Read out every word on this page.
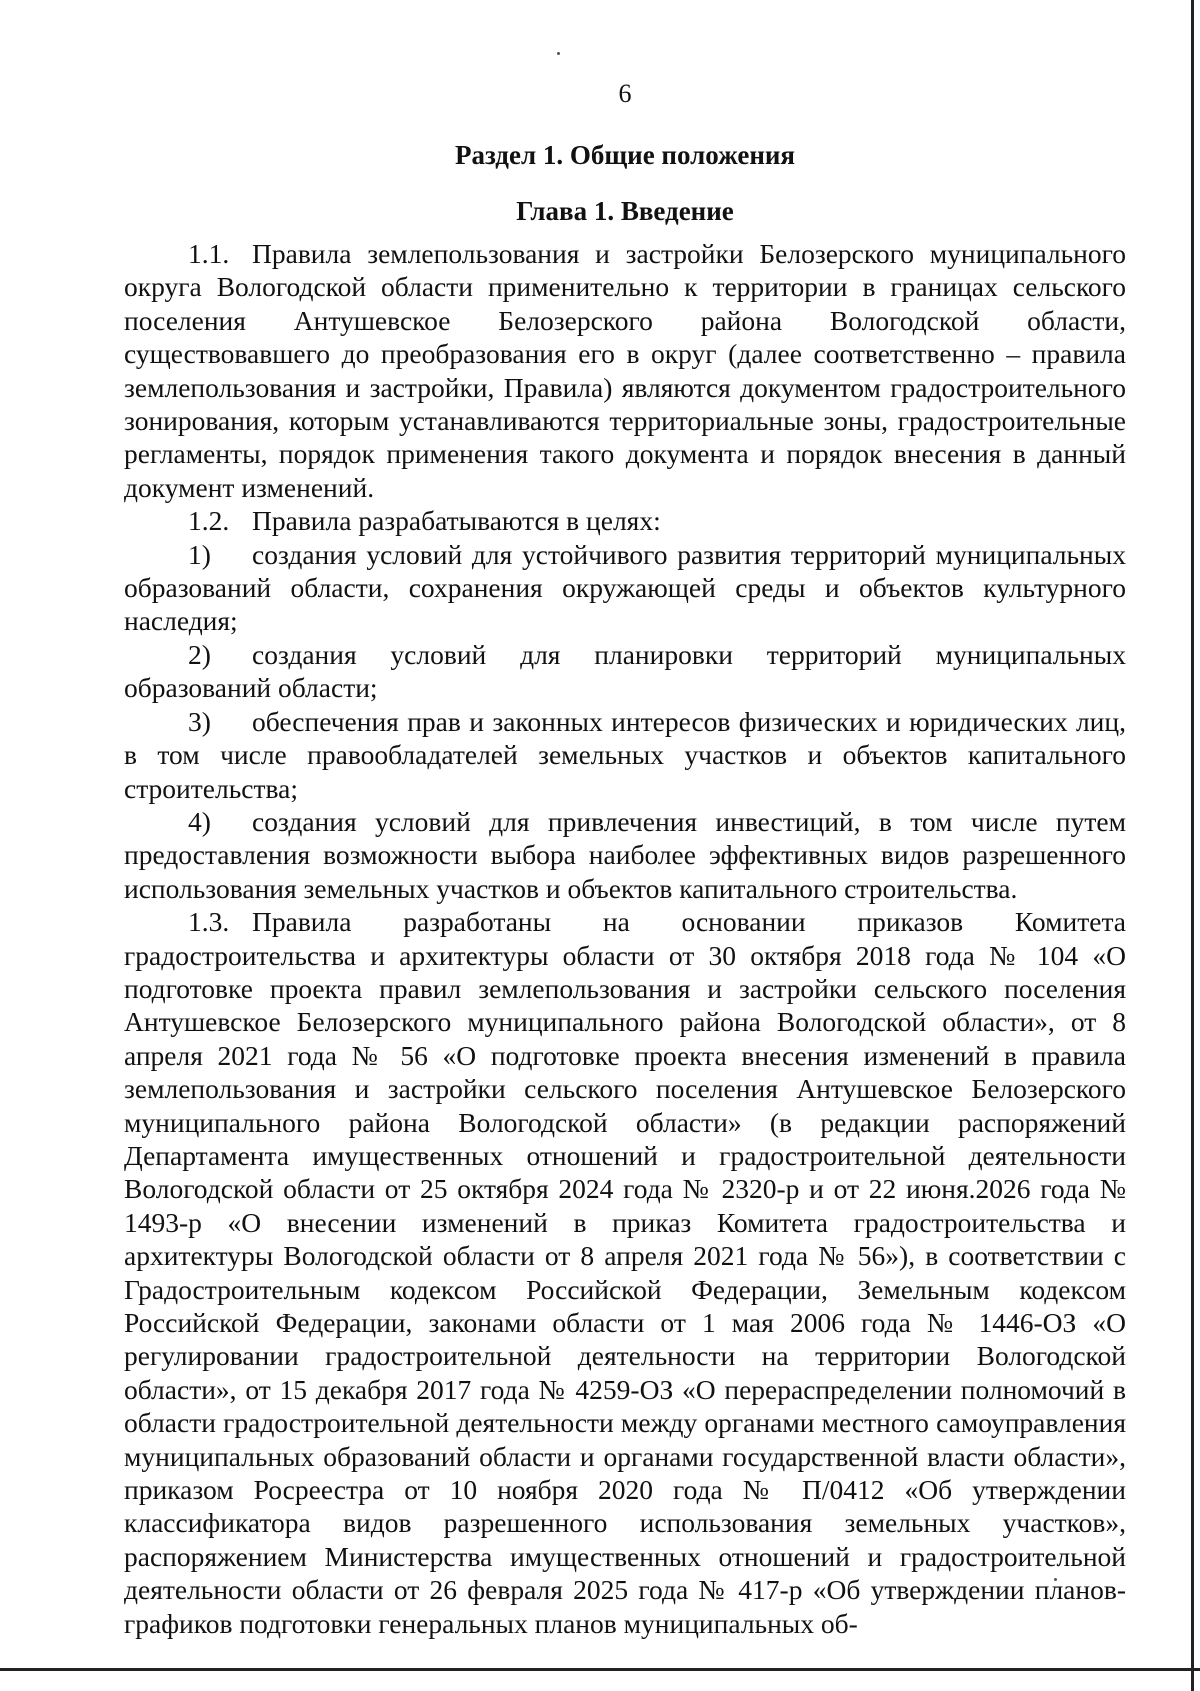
6
Раздел 1. Общие положения
Глава 1. Введение

1.1. Правила землепользования и застройки Белозерского муниципального округа Вологодской области применительно к территории в границах сельского поселения Антушевское Белозерского района Вологодской области, существовавшего до преобразования его в округ (далее соответственно – правила землепользования и застройки, Правила) являются документом градостроительного зонирования, которым устанавливаются территориальные зоны, градостроительные регламенты, порядок применения такого документа и порядок внесения в данный документ изменений.

1.2. Правила разрабатываются в целях:

1) создания условий для устойчивого развития территорий муниципальных образований области, сохранения окружающей среды и объектов культурного наследия;

2) создания условий для планировки территорий муниципальных образований области;

3) обеспечения прав и законных интересов физических и юридических лиц, в том числе правообладателей земельных участков и объектов капитального строительства;

4) создания условий для привлечения инвестиций, в том числе путем предоставления возможности выбора наиболее эффективных видов разрешенного использования земельных участков и объектов капитального строительства.

1.3. Правила разработаны на основании приказов Комитета градостроительства и архитектуры области от 30 октября 2018 года № 104 «О подготовке проекта правил землепользования и застройки сельского поселения Антушевское Белозерского муниципального района Вологодской области», от 8 апреля 2021 года № 56 «О подготовке проекта внесения изменений в правила землепользования и застройки сельского поселения Антушевское Белозерского муниципального района Вологодской области» (в редакции распоряжений Департамента имущественных отношений и градостроительной деятельности Вологодской области от 25 октября 2024 года № 2320-р и от 22 июня.2026 года № 1493-р «О внесении изменений в приказ Комитета градостроительства и архитектуры Вологодской области от 8 апреля 2021 года № 56»), в соответствии с Градостроительным кодексом Российской Федерации, Земельным кодексом Российской Федерации, законами области от 1 мая 2006 года № 1446-ОЗ «О регулировании градостроительной деятельности на территории Вологодской области», от 15 декабря 2017 года № 4259-ОЗ «О перераспределении полномочий в области градостроительной деятельности между органами местного самоуправления муниципальных образований области и органами государственной власти области», приказом Росреестра от 10 ноября 2020 года № П/0412 «Об утверждении классификатора видов разрешенного использования земельных участков», распоряжением Министерства имущественных отношений и градостроительной деятельности области от 26 февраля 2025 года № 417-р «Об утверждении планов-графиков подготовки генеральных планов муниципальных об-
